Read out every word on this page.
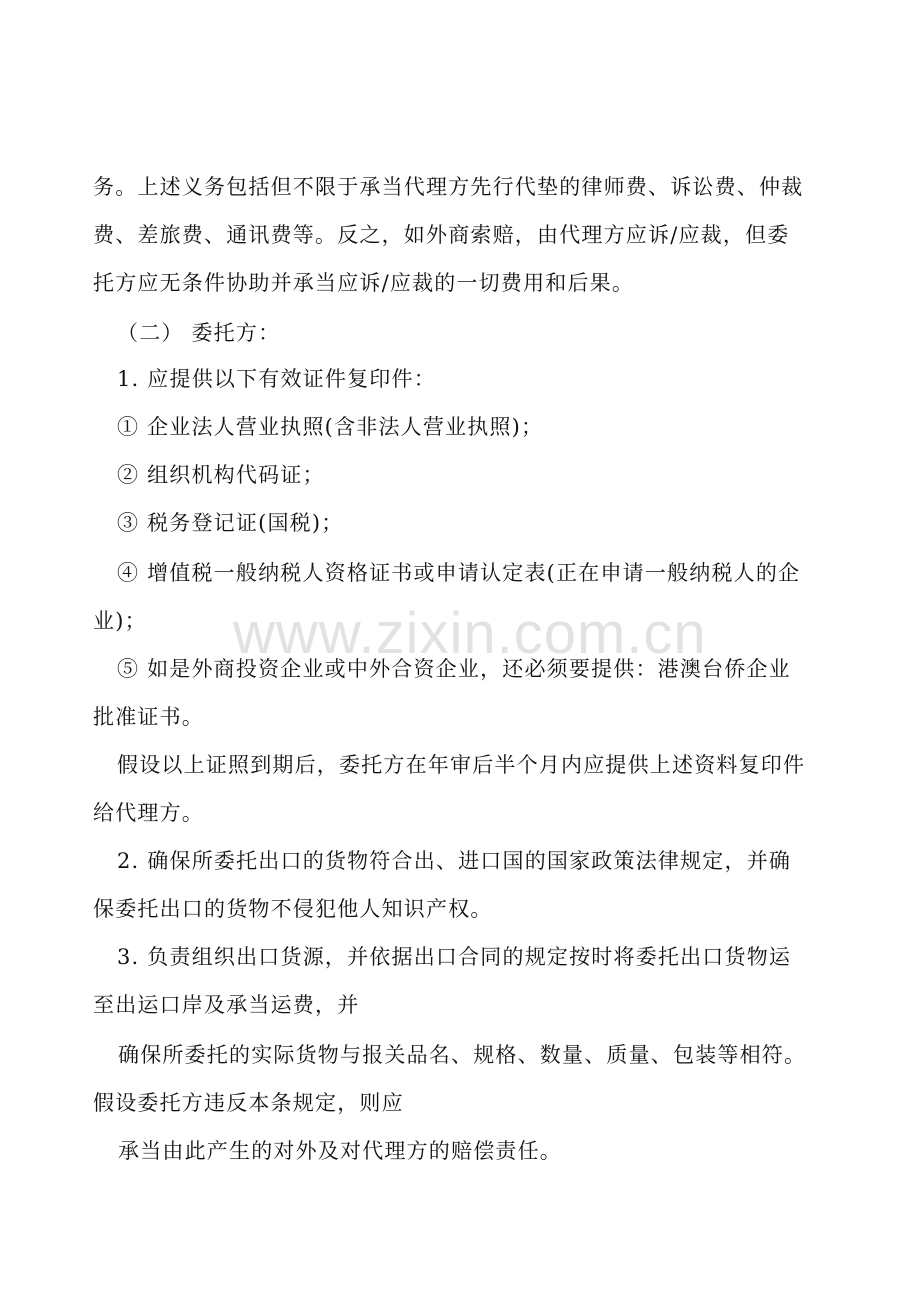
务。上述义务包括但不限于承当代理方先行代垫的律师费、诉讼费、仲裁
费、差旅费、通讯费等。反之，如外商索赔，由代理方应诉/应裁，但委
托方应无条件协助并承当应诉/应裁的一切费用和后果。
（二） 委托方：
1. 应提供以下有效证件复印件：
① 企业法人营业执照(含非法人营业执照)；
② 组织机构代码证；
③ 税务登记证(国税)；
④ 增值税一般纳税人资格证书或申请认定表(正在申请一般纳税人的企
业)；
⑤ 如是外商投资企业或中外合资企业，还必须要提供：港澳台侨企业
批准证书。
假设以上证照到期后，委托方在年审后半个月内应提供上述资料复印件
给代理方。
2. 确保所委托出口的货物符合出、进口国的国家政策法律规定，并确
保委托出口的货物不侵犯他人知识产权。
3. 负责组织出口货源，并依据出口合同的规定按时将委托出口货物运
至出运口岸及承当运费，并
确保所委托的实际货物与报关品名、规格、数量、质量、包装等相符。
假设委托方违反本条规定，则应
承当由此产生的对外及对代理方的赔偿责任。
www.zixin.com.cn
